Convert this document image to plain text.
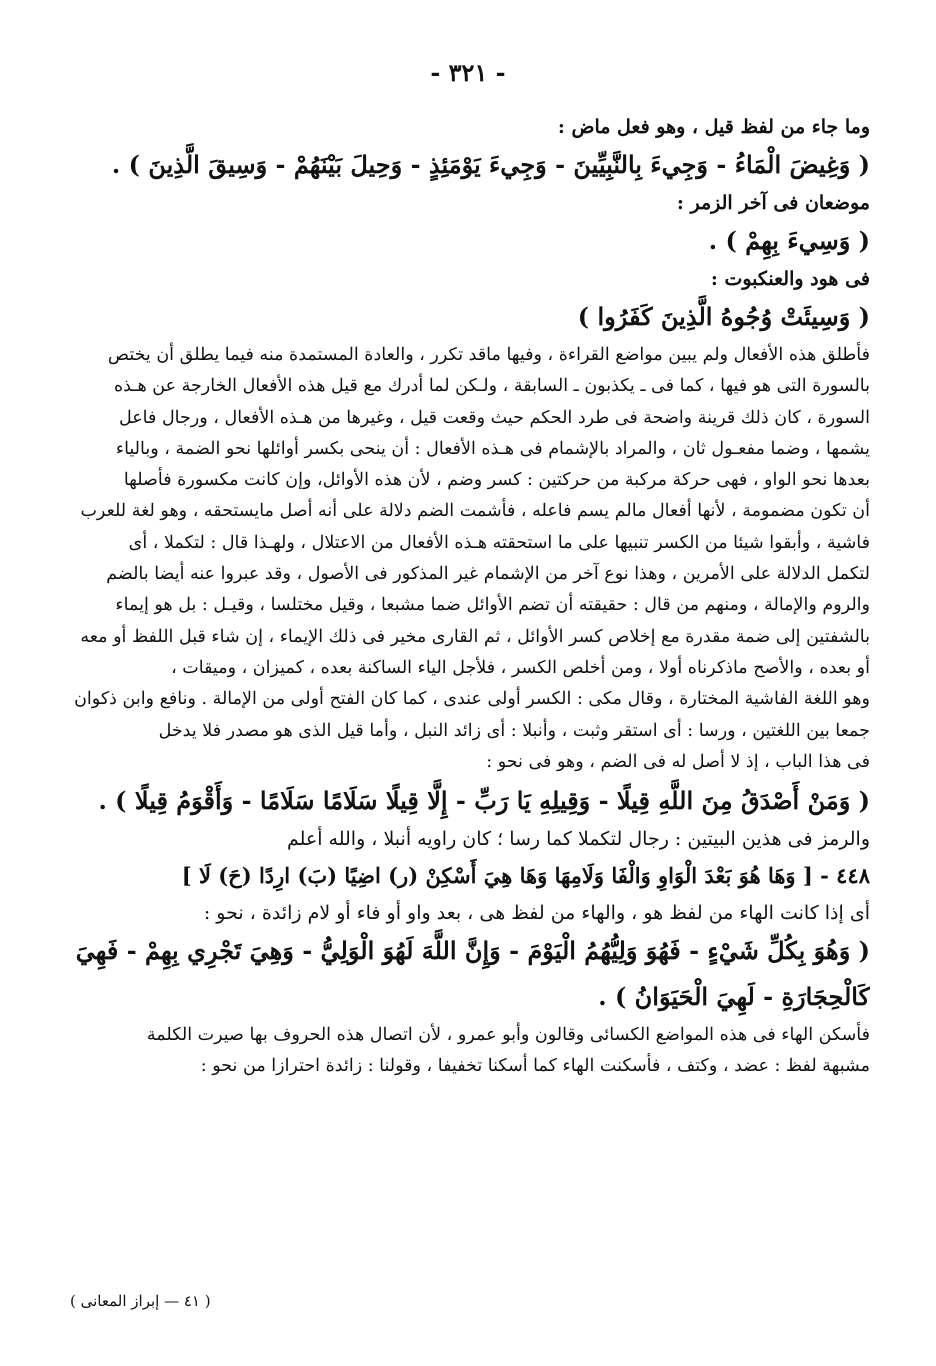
- ٣٢١ -
وما جاء من لفظ قيل ، وهو فعل ماض :
( وَغِيضَ الْمَاءُ - وَجِيءَ بِالنَّبِيِّينَ - وَجِيءَ يَوْمَئِذٍ - وَحِيلَ بَيْنَهُمْ - وَسِيقَ الَّذِينَ ) .
موضعان فى آخر الزمر :
( وَسِيءَ بِهِمْ ) .
فى هود والعنكبوت :
( وَسِيئَتْ وُجُوهُ الَّذِينَ كَفَرُوا )
فأطلق هذه الأفعال ولم يبين مواضع القراءة ، وفيها ماقد تكرر ، والعادة المستمدة منه فيما يطلق أن يختص
بالسورة التى هو فيها ، كما فى ـ يكذبون ـ السابقة ، ولـكن لما أدرك مع قيل هذه الأفعال الخارجة عن هـذه
السورة ، كان ذلك قرينة واضحة فى طرد الحكم حيث وقعت قيل ، وغيرها من هـذه الأفعال ، ورجال فاعل
يشمها ، وضما مفعـول ثان ، والمراد بالإشمام فى هـذه الأفعال : أن ينحى بكسر أوائلها نحو الضمة ، وبالياء
بعدها نحو الواو ، فهى حركة مركبة من حركتين : كسر وضم ، لأن هذه الأوائل، وإن كانت مكسورة فأصلها
أن تكون مضمومة ، لأنها أفعال مالم يسم فاعله ، فأشمت الضم دلالة على أنه أصل مايستحقه ، وهو لغة للعرب
فاشية ، وأبقوا شيئا من الكسر تنبيها على ما استحقته هـذه الأفعال من الاعتلال ، ولهـذا قال : لتكملا ، أى
لتكمل الدلالة على الأمرين ، وهذا نوع آخر من الإشمام غير المذكور فى الأصول ، وقد عبروا عنه أيضا بالضم
والروم والإمالة ، ومنهم من قال : حقيقته أن تضم الأوائل ضما مشبعا ، وقيل مختلسا ، وقيـل : بل هو إيماء
بالشفتين إلى ضمة مقدرة مع إخلاص كسر الأوائل ، ثم القارى مخير فى ذلك الإيماء ، إن شاء قبل اللفظ أو معه
أو بعده ، والأصح ماذكرناه أولا ، ومن أخلص الكسر ، فلأجل الياء الساكنة بعده ، كميزان ، وميقات ،
وهو اللغة الفاشية المختارة ، وقال مكى : الكسر أولى عندى ، كما كان الفتح أولى من الإمالة . ونافع وابن ذكوان
جمعا بين اللغتين ، ورسا : أى استقر وثبت ، وأنبلا : أى زائد النبل ، وأما قيل الذى هو مصدر فلا يدخل
فى هذا الباب ، إذ لا أصل له فى الضم ، وهو فى نحو :
( وَمَنْ أَصْدَقُ مِنَ اللَّهِ قِيلًا - وَقِيلِهِ يَا رَبِّ - إِلَّا قِيلًا سَلَامًا سَلَامًا - وَأَقْوَمُ قِيلًا ) .
والرمز فى هذين البيتين : رجال لتكملا كما رسا ؛ كان راويه أنبلا ، والله أعلم
٤٤٨ - [ وَهَا هُوَ بَعْدَ الْوَاوِ وَالْفَا وَلَامِهَا وَهَا هِيَ أَسْكِنْ (ر) اضِيًا (بَ) ارِدًا (حَ) لَا ]
أى إذا كانت الهاء من لفظ هو ، والهاء من لفظ هى ، بعد واو أو فاء أو لام زائدة ، نحو :
( وَهُوَ بِكُلِّ شَيْءٍ - فَهُوَ وَلِيُّهُمُ الْيَوْمَ - وَإِنَّ اللَّهَ لَهُوَ الْوَلِيُّ - وَهِيَ تَجْرِي بِهِمْ - فَهِيَ
كَالْحِجَارَةِ - لَهِيَ الْحَيَوَانُ ) .
فأسكن الهاء فى هذه المواضع الكسائى وقالون وأبو عمرو ، لأن اتصال هذه الحروف بها صيرت الكلمة
مشبهة لفظ : عضد ، وكتف ، فأسكنت الهاء كما أسكنا تخفيفا ، وقولنا : زائدة احترازا من نحو :
( ٤١ — إبراز المعانى )
